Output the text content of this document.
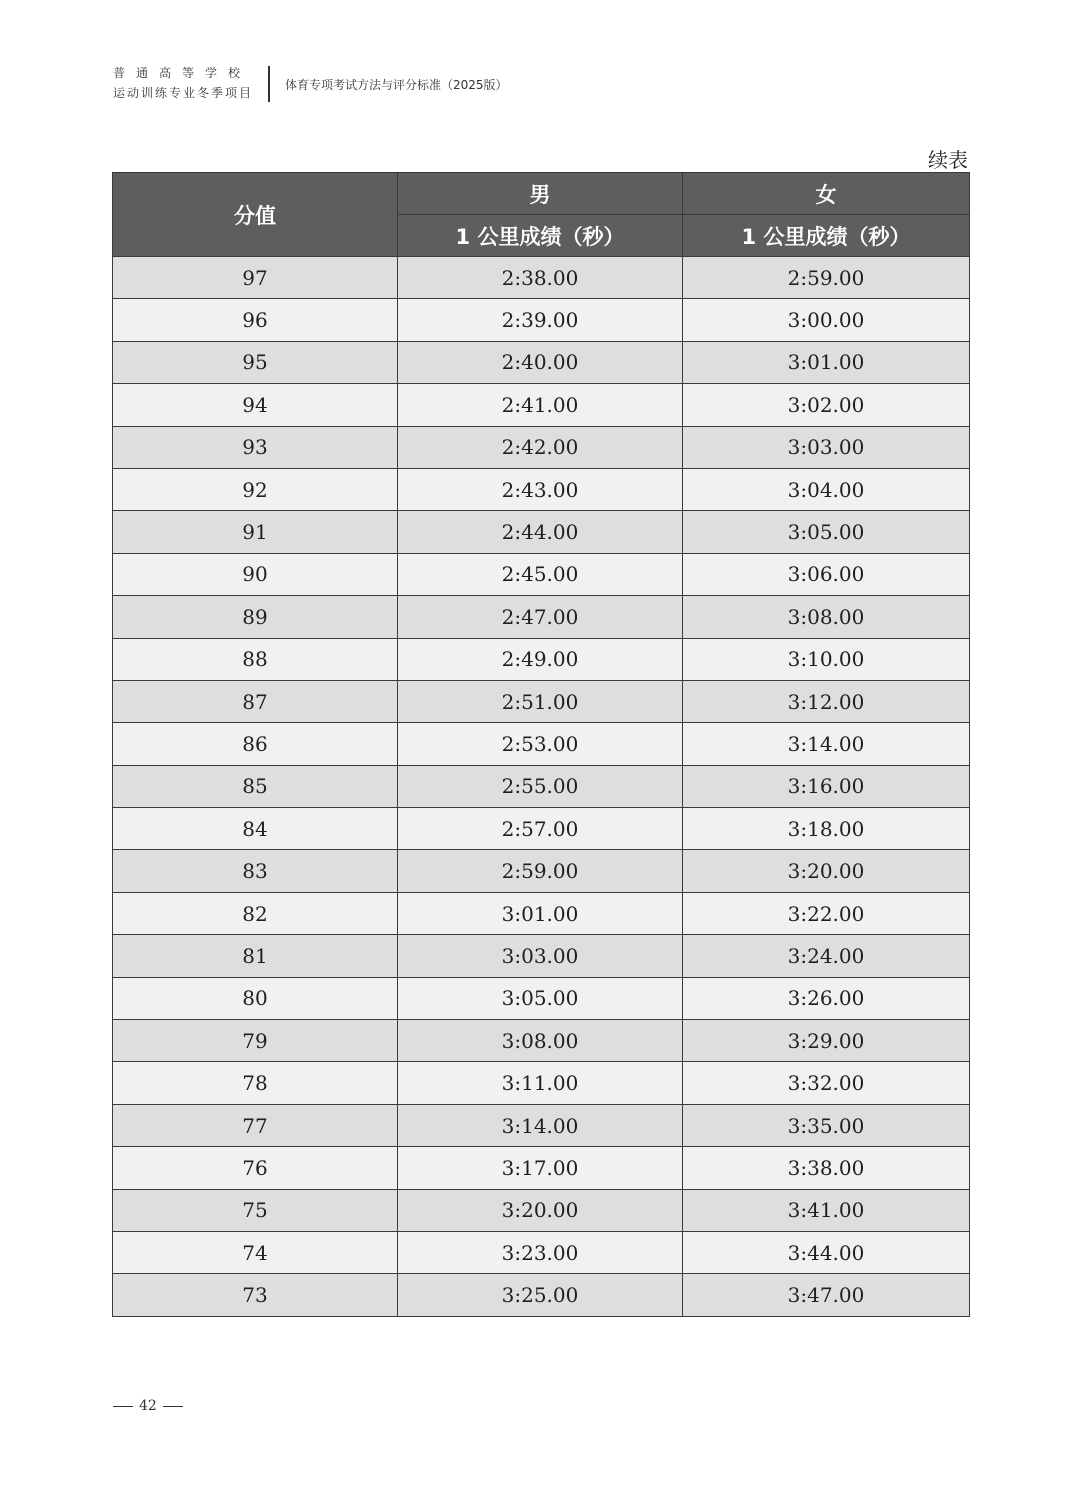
普通高等学校
运动训练专业冬季项目
体育专项考试方法与评分标准（2025版）
续表
分值	男	女
	1 公里成绩（秒）	1 公里成绩（秒）
97	2:38.00	2:59.00
96	2:39.00	3:00.00
95	2:40.00	3:01.00
94	2:41.00	3:02.00
93	2:42.00	3:03.00
92	2:43.00	3:04.00
91	2:44.00	3:05.00
90	2:45.00	3:06.00
89	2:47.00	3:08.00
88	2:49.00	3:10.00
87	2:51.00	3:12.00
86	2:53.00	3:14.00
85	2:55.00	3:16.00
84	2:57.00	3:18.00
83	2:59.00	3:20.00
82	3:01.00	3:22.00
81	3:03.00	3:24.00
80	3:05.00	3:26.00
79	3:08.00	3:29.00
78	3:11.00	3:32.00
77	3:14.00	3:35.00
76	3:17.00	3:38.00
75	3:20.00	3:41.00
74	3:23.00	3:44.00
73	3:25.00	3:47.00
42
